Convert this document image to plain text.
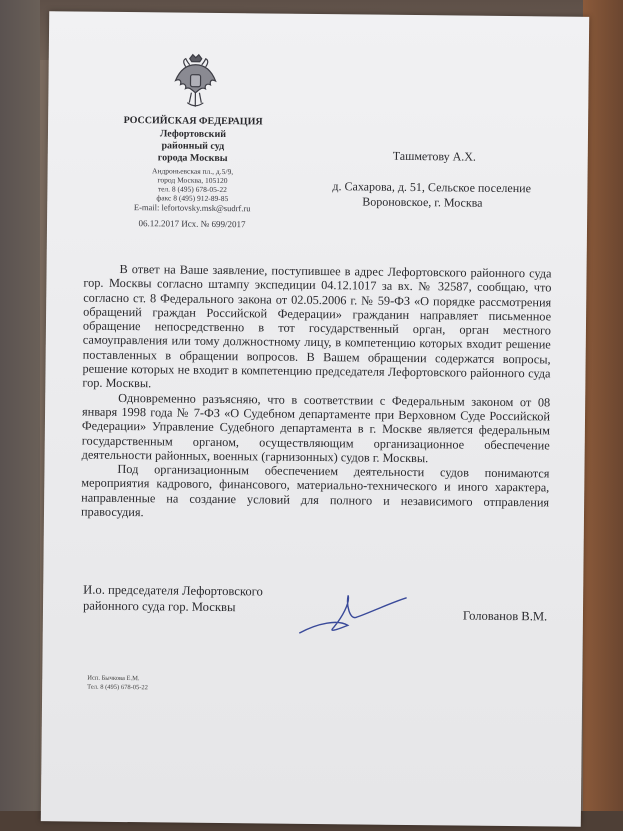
РОССИЙСКАЯ ФЕДЕРАЦИЯ
Лефортовский
районный суд
города Москвы
Андроньевская пл., д.5/9,
город Москва, 105120
тел. 8 (495) 678-05-22
факс 8 (495) 912-89-85
E-mail: lefortovsky.msk@sudrf.ru
06.12.2017 Исх. № 699/2017
Ташметову А.Х.
д. Сахарова, д. 51, Сельское поселение
Вороновское, г. Москва

В ответ на Ваше заявление, поступившее в адрес Лефортовского районного суда гор. Москвы согласно штампу экспедиции 04.12.1017 за вх. № 32587, сообщаю, что согласно ст. 8 Федерального закона от 02.05.2006 г. № 59-ФЗ «О порядке рассмотрения обращений граждан Российской Федерации» гражданин направляет письменное обращение непосредственно в тот государственный орган, орган местного самоуправления или тому должностному лицу, в компетенцию которых входит решение поставленных в обращении вопросов. В Вашем обращении содержатся вопросы, решение которых не входит в компетенцию председателя Лефортовского районного суда гор. Москвы.

Одновременно разъясняю, что в соответствии с Федеральным законом от 08 января 1998 года № 7-ФЗ «О Судебном департаменте при Верховном Суде Российской Федерации» Управление Судебного департамента в г. Москве является федеральным государственным органом, осуществляющим организационное обеспечение деятельности районных, военных (гарнизонных) судов г. Москвы.

Под организационным обеспечением деятельности судов понимаются мероприятия кадрового, финансового, материально-технического и иного характера, направленные на создание условий для полного и независимого отправления правосудия.

И.о. председателя Лефортовского
районного суда гор. Москвы
Голованов В.М.
Исп. Бычкова Е.М.
Тел. 8 (495) 678-05-22
